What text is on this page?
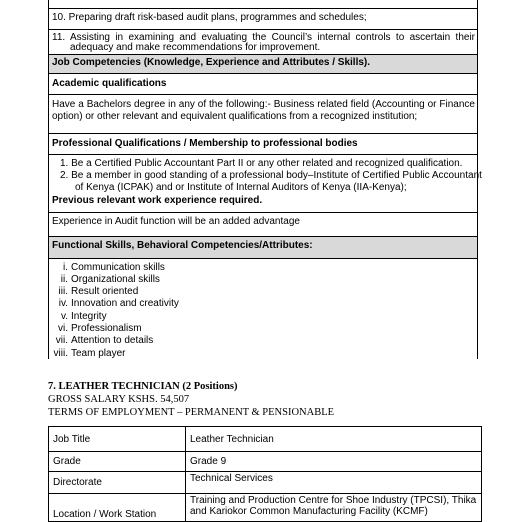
10. Preparing draft risk-based audit plans, programmes and schedules;
11. Assisting in examining and evaluating the Council’s internal controls to ascertain their
adequacy and make recommendations for improvement.
Job Competencies (Knowledge, Experience and Attributes / Skills).
Academic qualifications
Have a Bachelors degree in any of the following:- Business related field (Accounting or Finance
option) or other relevant and equivalent qualifications from a recognized institution;
Professional Qualifications / Membership to professional bodies
1. Be a Certified Public Accountant Part II or any other related and recognized qualification.
2. Be a member in good standing of a professional body–Institute of Certified Public Accountant
of Kenya (ICPAK) and or Institute of Internal Auditors of Kenya (IIA-Kenya);
Previous relevant work experience required.
Experience in Audit function will be an added advantage
Functional Skills, Behavioral Competencies/Attributes:
i. Communication skills
ii. Organizational skills
iii. Result oriented
iv. Innovation and creativity
v. Integrity
vi. Professionalism
vii. Attention to details
viii. Team player
7. LEATHER TECHNICIAN (2 Positions)
GROSS SALARY KSHS. 54,507
TERMS OF EMPLOYMENT – PERMANENT & PENSIONABLE
Job Title	Leather Technician
Grade	Grade 9
Directorate	Technical Services
Location / Work Station	Training and Production Centre for Shoe Industry (TPCSI), Thika
and Kariokor Common Manufacturing Facility (KCMF)
